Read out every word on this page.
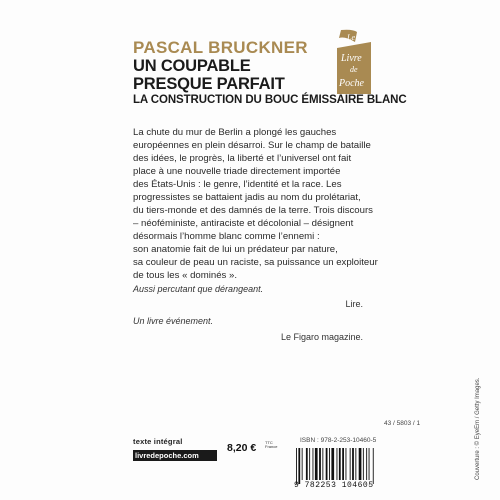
PASCAL BRUCKNER
UN COUPABLE
PRESQUE PARFAIT
LA CONSTRUCTION DU BOUC ÉMISSAIRE BLANC
Le
Livre
de
Poche
La chute du mur de Berlin a plongé les gauches
européennes en plein désarroi. Sur le champ de bataille
des idées, le progrès, la liberté et l’universel ont fait
place à une nouvelle triade directement importée
des États-Unis : le genre, l’identité et la race. Les
progressistes se battaient jadis au nom du prolétariat,
du tiers-monde et des damnés de la terre. Trois discours
– néoféministe, antiraciste et décolonial – désignent
désormais l’homme blanc comme l’ennemi :
son anatomie fait de lui un prédateur par nature,
sa couleur de peau un raciste, sa puissance un exploiteur
de tous les « dominés ».
Aussi percutant que dérangeant.
Lire.
Un livre événement.
Le Figaro magazine.
Couverture : © EyeEm / Getty Images.
43 / 5803 / 1
ISBN : 978-2-253-10460-5
texte intégral
livredepoche.com
8,20 € TTC
France
9 782253 104605
